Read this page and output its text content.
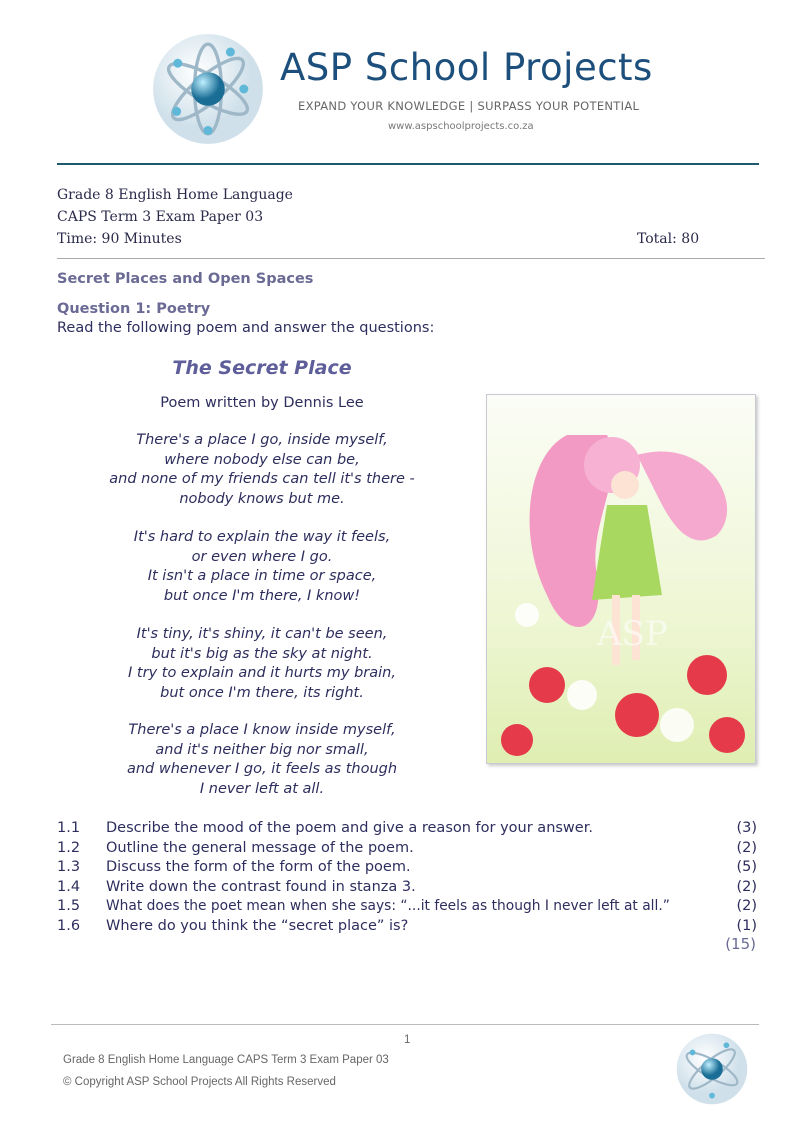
ASP School Projects
EXPAND YOUR KNOWLEDGE | SURPASS YOUR POTENTIAL
www.aspschoolprojects.co.za
Grade 8 English Home Language
CAPS Term 3 Exam Paper 03
Time: 90 Minutes	Total: 80
Secret Places and Open Spaces
Question 1: Poetry
Read the following poem and answer the questions:
The Secret Place
Poem written by Dennis Lee
There's a place I go, inside myself,
where nobody else can be,
and none of my friends can tell it's there -
nobody knows but me.
It's hard to explain the way it feels,
or even where I go.
It isn't a place in time or space,
but once I'm there, I know!
It's tiny, it's shiny, it can't be seen,
but it's big as the sky at night.
I try to explain and it hurts my brain,
but once I'm there, its right.
There's a place I know inside myself,
and it's neither big nor small,
and whenever I go, it feels as though
I never left at all.
ASP
1.1	Describe the mood of the poem and give a reason for your answer.	(3)
1.2	Outline the general message of the poem.	(2)
1.3	Discuss the form of the form of the poem.	(5)
1.4	Write down the contrast found in stanza 3.	(2)
1.5	What does the poet mean when she says: “...it feels as though I never left at all.”	(2)
1.6	Where do you think the “secret place” is?	(1)
(15)
1
Grade 8 English Home Language CAPS Term 3 Exam Paper 03
© Copyright ASP School Projects All Rights Reserved
